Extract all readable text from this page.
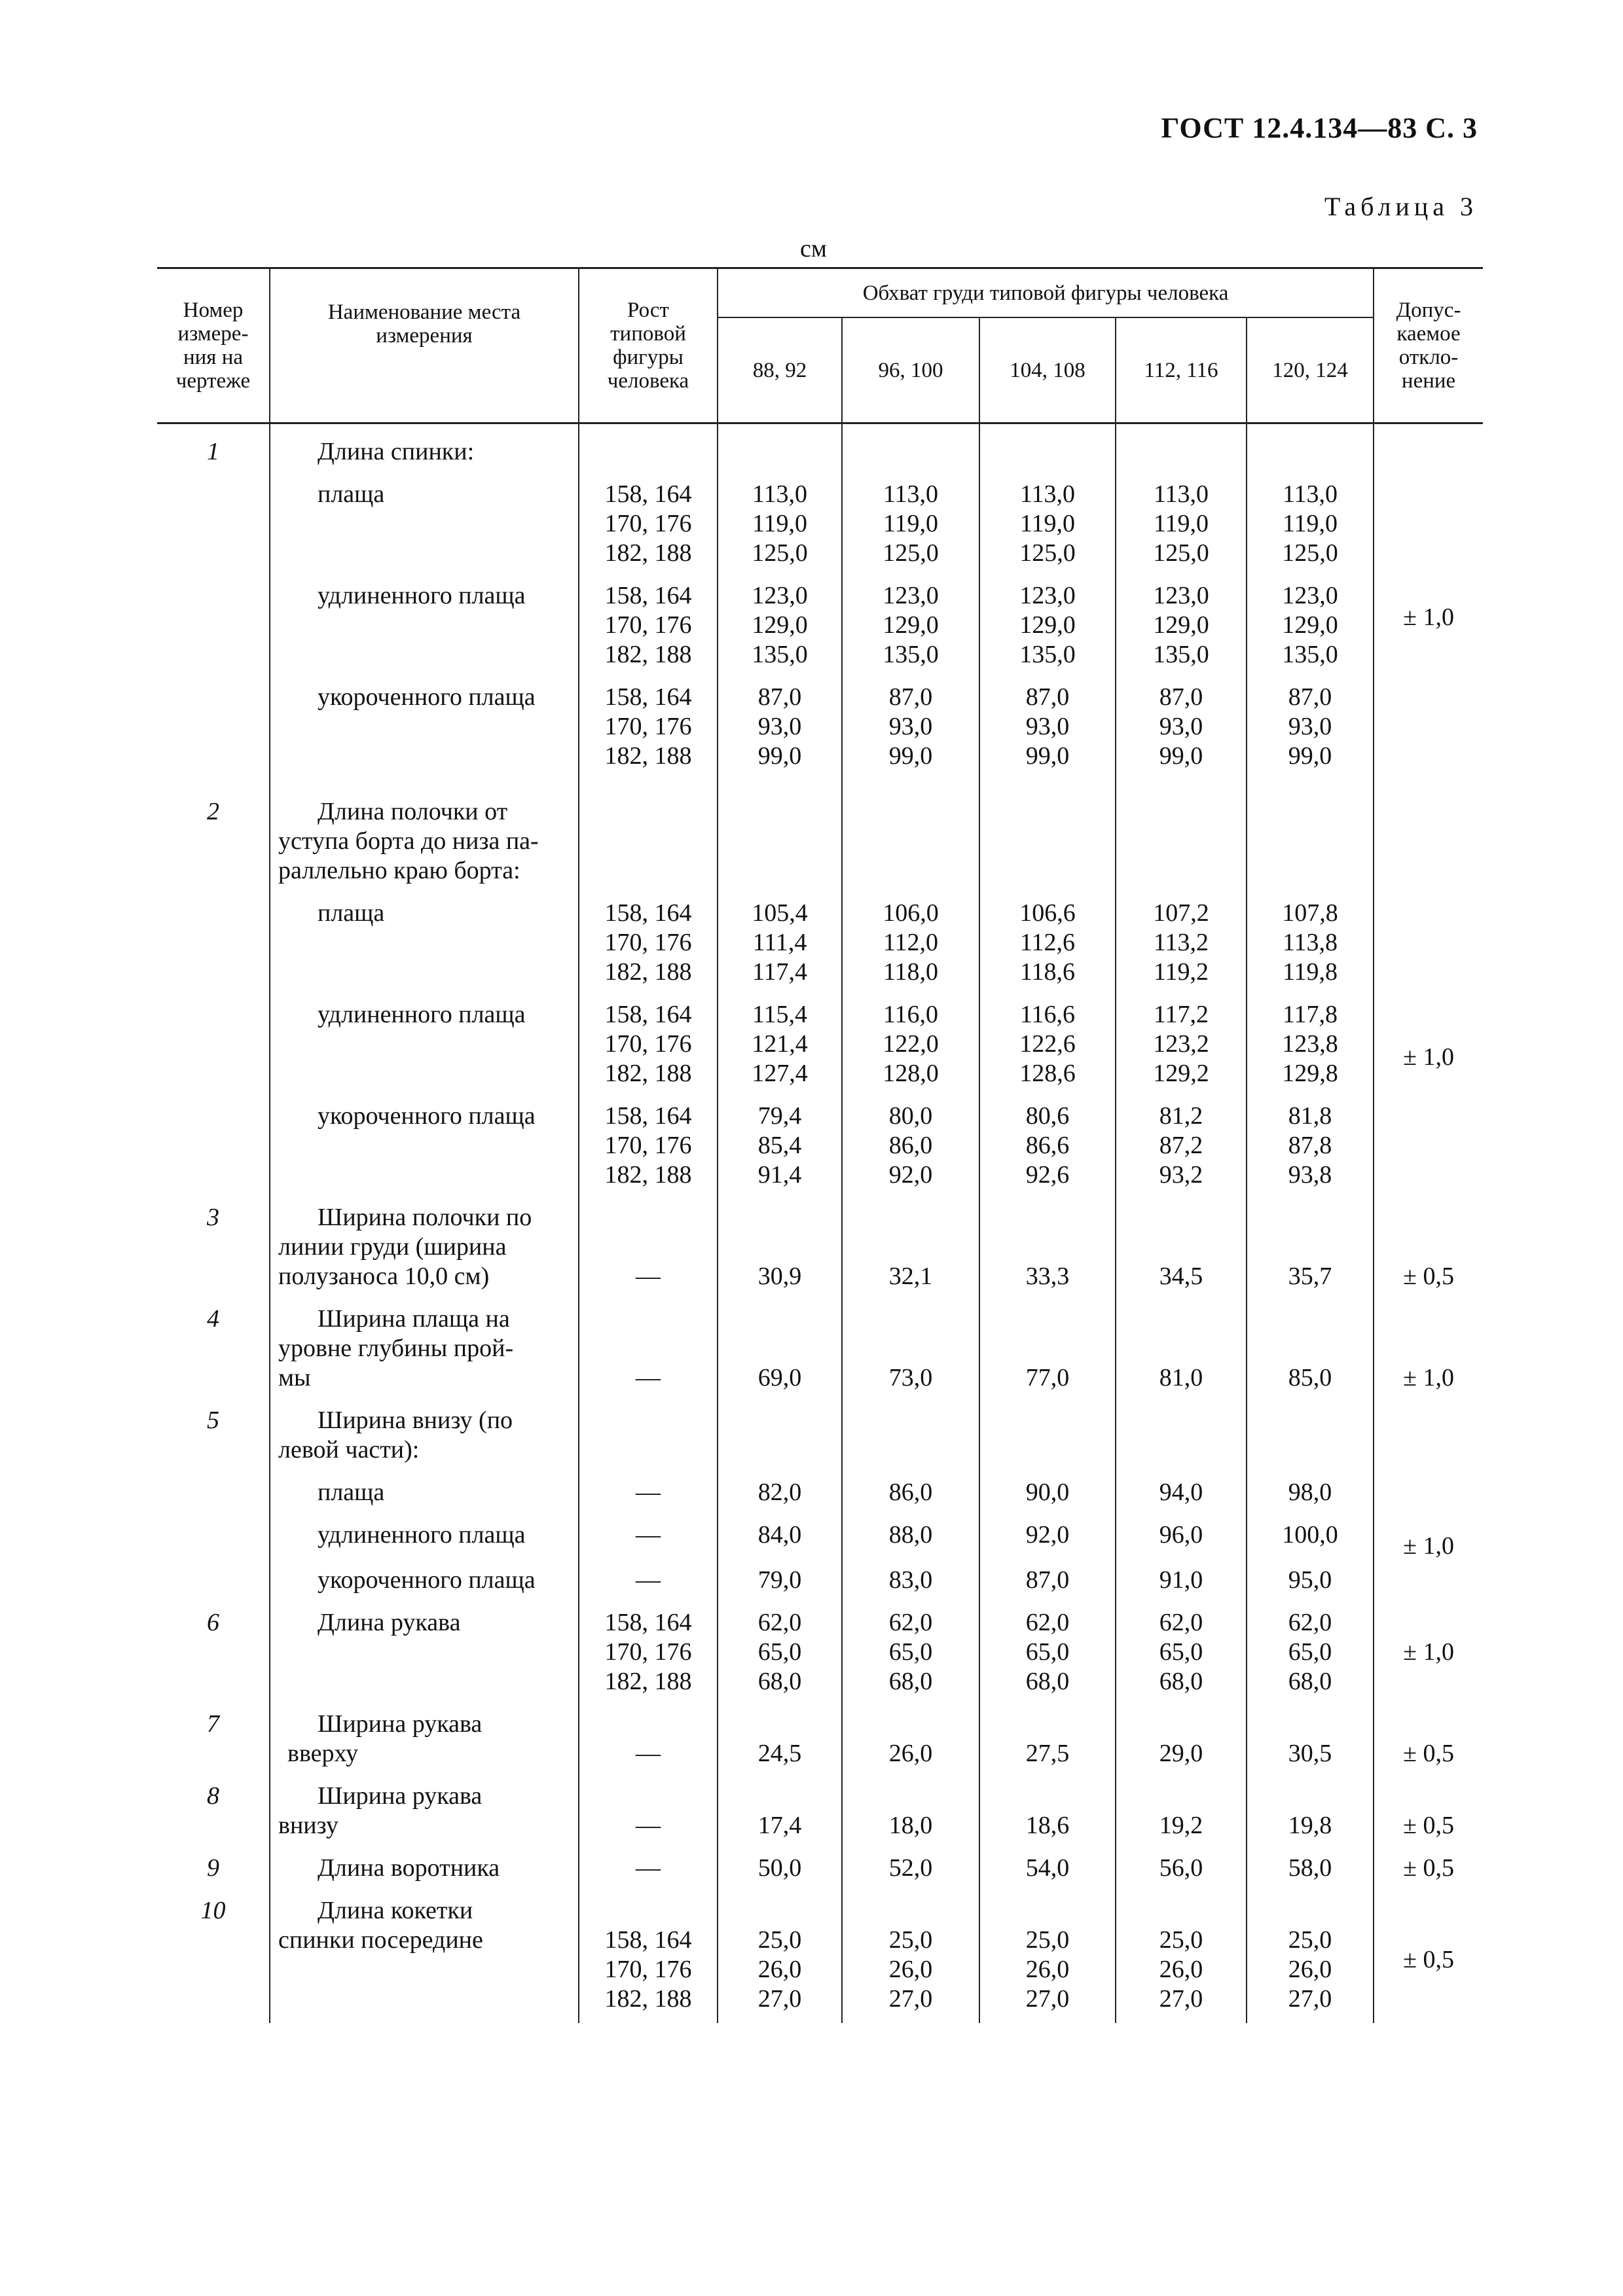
ГОСТ 12.4.134—83 С. 3
Таблица 3
см
Номер
измере-
ния на
чертеже	Наименование места
измерения	Рост
типовой
фигуры
человека	Обхват груди типовой фигуры человека					Допус-
каемое
откло-
нение

			88, 92	96, 100	104, 108	112, 116	120, 124	

1	Длина спинки:							± 1,0

	плаща	158, 164
170, 176
182, 188	113,0
119,0
125,0	113,0
119,0
125,0	113,0
119,0
125,0	113,0
119,0
125,0	113,0
119,0
125,0	

	удлиненного плаща	158, 164
170, 176
182, 188	123,0
129,0
135,0	123,0
129,0
135,0	123,0
129,0
135,0	123,0
129,0
135,0	123,0
129,0
135,0	

	укороченного плаща	158, 164
170, 176
182, 188	87,0
93,0
99,0	87,0
93,0
99,0	87,0
93,0
99,0	87,0
93,0
99,0	87,0
93,0
99,0	

2	Длина полочки от
уступа борта до низа па-
раллельно краю борта:							± 1,0

	плаща	158, 164
170, 176
182, 188	105,4
111,4
117,4	106,0
112,0
118,0	106,6
112,6
118,6	107,2
113,2
119,2	107,8
113,8
119,8	

	удлиненного плаща	158, 164
170, 176
182, 188	115,4
121,4
127,4	116,0
122,0
128,0	116,6
122,6
128,6	117,2
123,2
129,2	117,8
123,8
129,8	

	укороченного плаща	158, 164
170, 176
182, 188	79,4
85,4
91,4	80,0
86,0
92,0	80,6
86,6
92,6	81,2
87,2
93,2	81,8
87,8
93,8	

3	Ширина полочки по
линии груди (ширина
полузаноса 10,0 см)	—	30,9	32,1	33,3	34,5	35,7	± 0,5

4	Ширина плаща на
уровне глубины прой-
мы	—	69,0	73,0	77,0	81,0	85,0	± 1,0

5	Ширина внизу (по
левой части):							± 1,0

	плаща	—	82,0	86,0	90,0	94,0	98,0	

	удлиненного плаща	—	84,0	88,0	92,0	96,0	100,0	

	укороченного плаща	—	79,0	83,0	87,0	91,0	95,0	

6	Длина рукава	158, 164
170, 176
182, 188	62,0
65,0
68,0	62,0
65,0
68,0	62,0
65,0
68,0	62,0
65,0
68,0	62,0
65,0
68,0	± 1,0

7	Ширина рукава
вверху	—	24,5	26,0	27,5	29,0	30,5	± 0,5

8	Ширина рукава
внизу	—	17,4	18,0	18,6	19,2	19,8	± 0,5

9	Длина воротника	—	50,0	52,0	54,0	56,0	58,0	± 0,5

10	Длина кокетки							± 0,5

	спинки посередине	158, 164
170, 176
182, 188	25,0
26,0
27,0	25,0
26,0
27,0	25,0
26,0
27,0	25,0
26,0
27,0	25,0
26,0
27,0	
